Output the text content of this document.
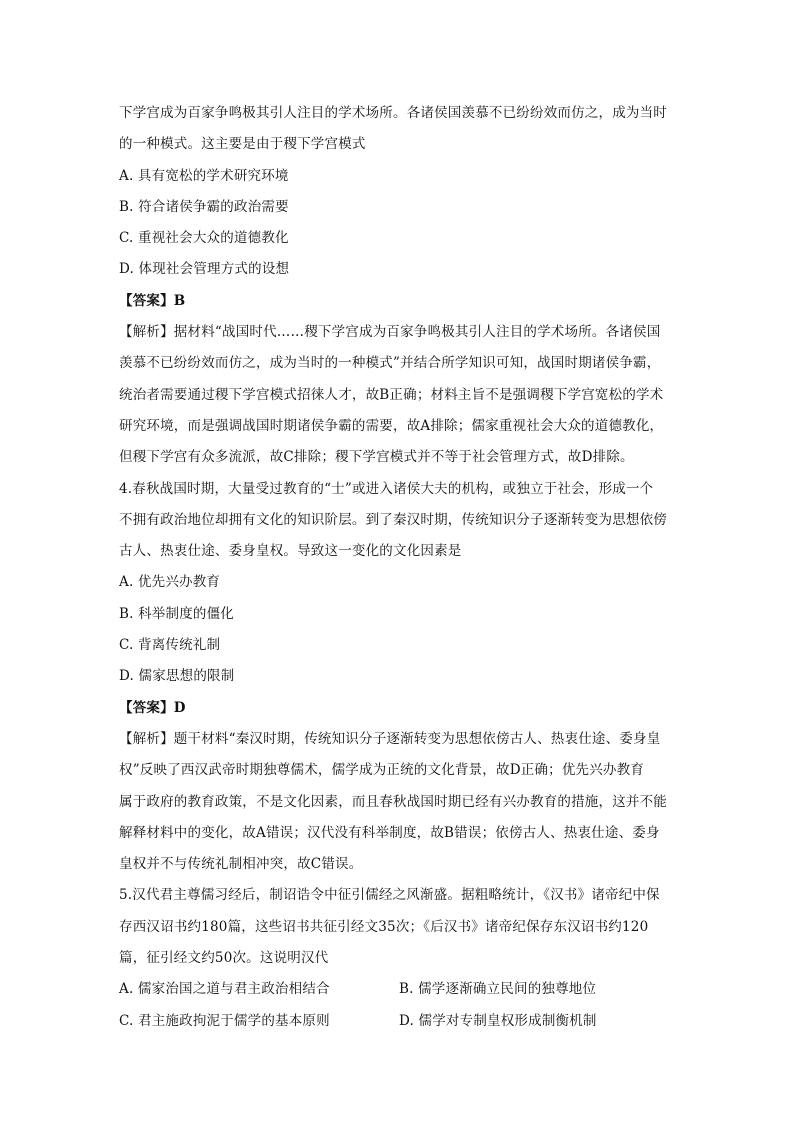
下学宫成为百家争鸣极其引人注目的学术场所。各诸侯国羡慕不已纷纷效而仿之，成为当时
的一种模式。这主要是由于稷下学宫模式
A. 具有宽松的学术研究环境
B. 符合诸侯争霸的政治需要
C. 重视社会大众的道德教化
D. 体现社会管理方式的设想
【答案】B
【解析】据材料“战国时代……稷下学宫成为百家争鸣极其引人注目的学术场所。各诸侯国
羡慕不已纷纷效而仿之，成为当时的一种模式”并结合所学知识可知，战国时期诸侯争霸，
统治者需要通过稷下学宫模式招徕人才，故B正确；材料主旨不是强调稷下学宫宽松的学术
研究环境，而是强调战国时期诸侯争霸的需要，故A排除；儒家重视社会大众的道德教化，
但稷下学宫有众多流派，故C排除；稷下学宫模式并不等于社会管理方式，故D排除。
4.春秋战国时期，大量受过教育的“士”或进入诸侯大夫的机构，或独立于社会，形成一个
不拥有政治地位却拥有文化的知识阶层。到了秦汉时期，传统知识分子逐渐转变为思想依傍
古人、热衷仕途、委身皇权。导致这一变化的文化因素是
A. 优先兴办教育
B. 科举制度的僵化
C. 背离传统礼制
D. 儒家思想的限制
【答案】D
【解析】题干材料“秦汉时期，传统知识分子逐渐转变为思想依傍古人、热衷仕途、委身皇
权”反映了西汉武帝时期独尊儒术，儒学成为正统的文化背景，故D正确；优先兴办教育
属于政府的教育政策，不是文化因素，而且春秋战国时期已经有兴办教育的措施，这并不能
解释材料中的变化，故A错误；汉代没有科举制度，故B错误；依傍古人、热衷仕途、委身
皇权并不与传统礼制相冲突，故C错误。
5.汉代君主尊儒习经后，制诏诰令中征引儒经之风渐盛。据粗略统计，《汉书》诸帝纪中保
存西汉诏书约180篇，这些诏书共征引经文35次；《后汉书》诸帝纪保存东汉诏书约120
篇，征引经文约50次。这说明汉代
A. 儒家治国之道与君主政治相结合	B. 儒学逐渐确立民间的独尊地位
C. 君主施政拘泥于儒学的基本原则	D. 儒学对专制皇权形成制衡机制
